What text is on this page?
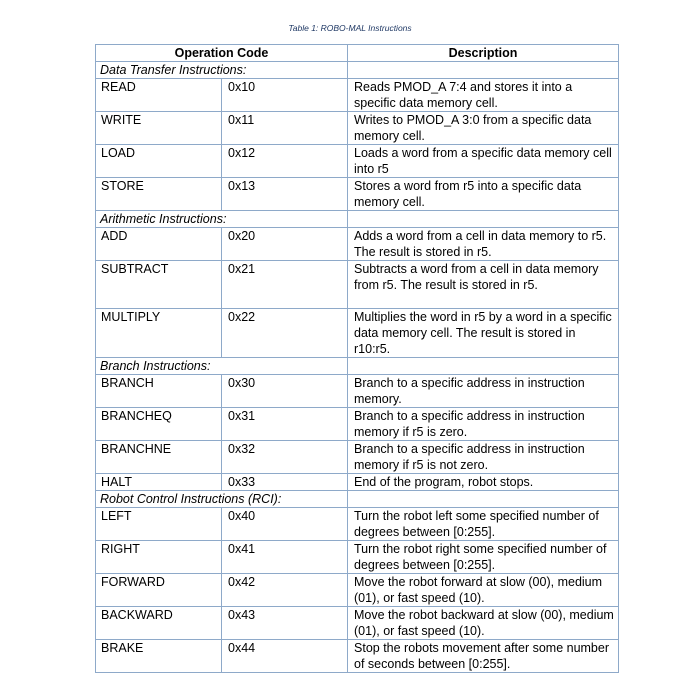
Table 1: ROBO-MAL Instructions
Operation Code		Description
Data Transfer Instructions:		
READ	0x10	Reads PMOD_A 7:4 and stores it into a specific data memory cell.
WRITE	0x11	Writes to PMOD_A 3:0 from a specific data memory cell.
LOAD	0x12	Loads a word from a specific data memory cell into r5
STORE	0x13	Stores a word from r5 into a specific data memory cell.
Arithmetic Instructions:		
ADD	0x20	Adds a word from a cell in data memory to r5. The result is stored in r5.
SUBTRACT	0x21	Subtracts a word from a cell in data memory from r5. The result is stored in r5.
MULTIPLY	0x22	Multiplies the word in r5 by a word in a specific data memory cell. The result is stored in r10:r5.
Branch Instructions:		
BRANCH	0x30	Branch to a specific address in instruction memory.
BRANCHEQ	0x31	Branch to a specific address in instruction memory if r5 is zero.
BRANCHNE	0x32	Branch to a specific address in instruction memory if r5 is not zero.
HALT	0x33	End of the program, robot stops.
Robot Control Instructions (RCI):		
LEFT	0x40	Turn the robot left some specified number of degrees between [0:255].
RIGHT	0x41	Turn the robot right some specified number of degrees between [0:255].
FORWARD	0x42	Move the robot forward at slow (00), medium (01), or fast speed (10).
BACKWARD	0x43	Move the robot backward at slow (00), medium (01), or fast speed (10).
BRAKE	0x44	Stop the robots movement after some number of seconds between [0:255].
